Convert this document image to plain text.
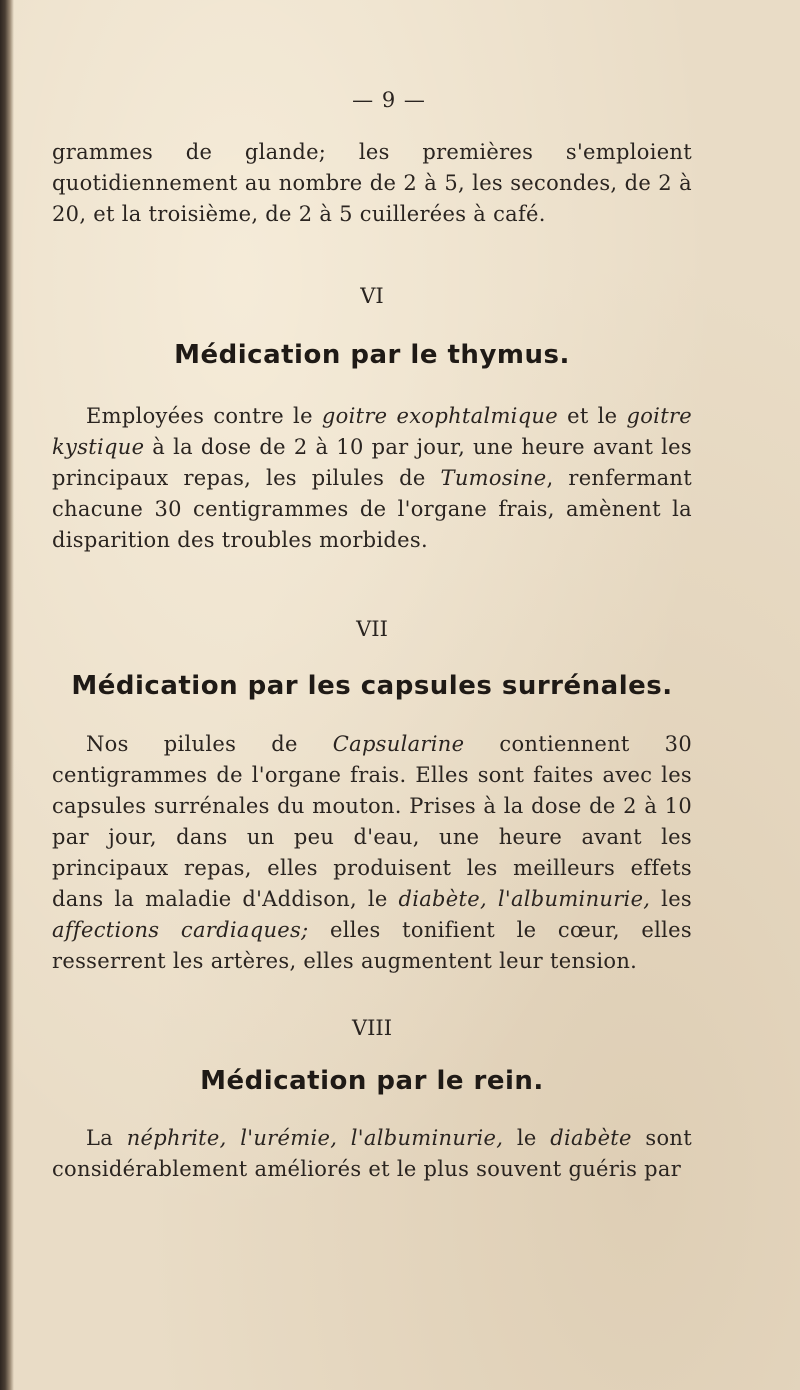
— 9 —

grammes de glande; les premières s'emploient quotidiennement au nombre de 2 à 5, les secondes, de 2 à 20, et la troisième, de 2 à 5 cuillerées à café.

VI
Médication par le thymus.

Employées contre le goitre exophtalmique et le goitre kystique à la dose de 2 à 10 par jour, une heure avant les principaux repas, les pilules de Tumosine, renfermant chacune 30 centigrammes de l'organe frais, amènent la disparition des troubles morbides.

VII
Médication par les capsules surrénales.

Nos pilules de Capsularine contiennent 30 centigrammes de l'organe frais. Elles sont faites avec les capsules surrénales du mouton. Prises à la dose de 2 à 10 par jour, dans un peu d'eau, une heure avant les principaux repas, elles produisent les meilleurs effets dans la maladie d'Addison, le diabète, l'albuminurie, les affections cardiaques; elles tonifient le cœur, elles resserrent les artères, elles augmentent leur tension.

VIII
Médication par le rein.

La néphrite, l'urémie, l'albuminurie, le diabète sont considérablement améliorés et le plus souvent guéris par
